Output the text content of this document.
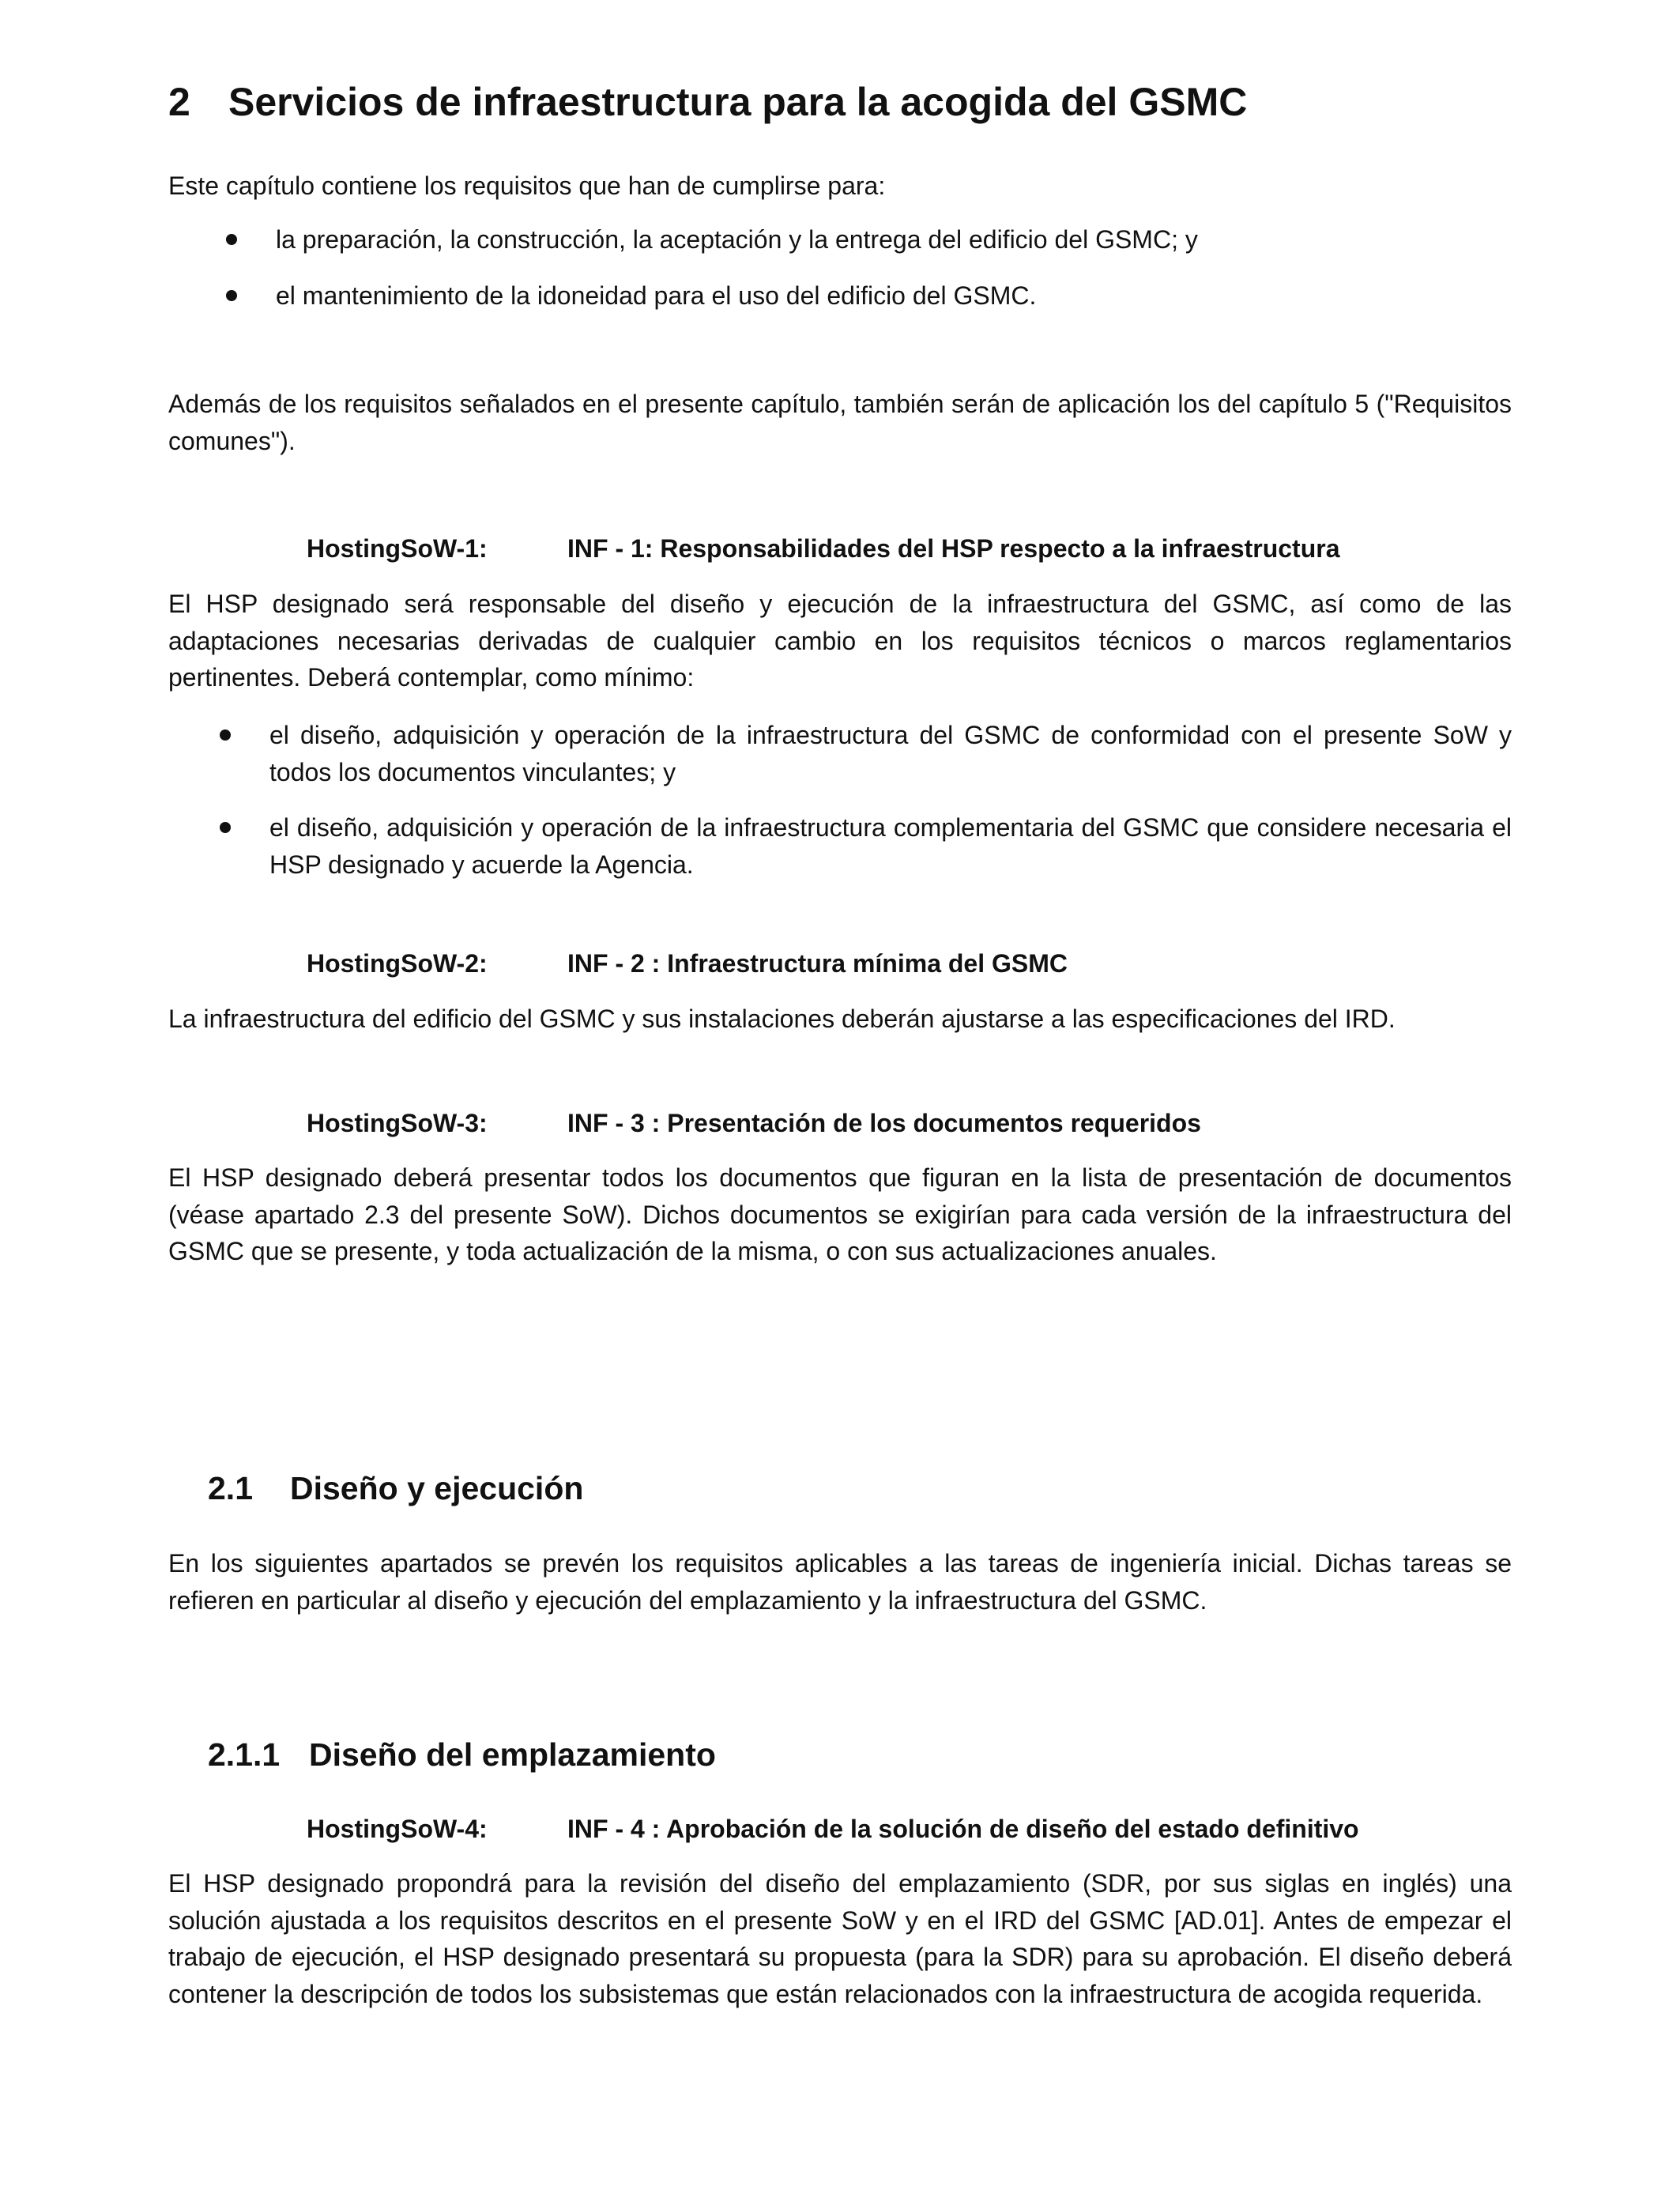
2 Servicios de infraestructura para la acogida del GSMC

Este capítulo contiene los requisitos que han de cumplirse para:

la preparación, la construcción, la aceptación y la entrega del edificio del GSMC; y
el mantenimiento de la idoneidad para el uso del edificio del GSMC.

Además de los requisitos señalados en el presente capítulo, también serán de aplicación los del capítulo 5 ("Requisitos comunes").

HostingSoW-1:	INF - 1: Responsabilidades del HSP respecto a la infraestructura

El HSP designado será responsable del diseño y ejecución de la infraestructura del GSMC, así como de las adaptaciones necesarias derivadas de cualquier cambio en los requisitos técnicos o marcos reglamentarios pertinentes. Deberá contemplar, como mínimo:

el diseño, adquisición y operación de la infraestructura del GSMC de conformidad con el presente SoW y todos los documentos vinculantes; y
el diseño, adquisición y operación de la infraestructura complementaria del GSMC que considere necesaria el HSP designado y acuerde la Agencia.

HostingSoW-2:	INF - 2 : Infraestructura mínima del GSMC

La infraestructura del edificio del GSMC y sus instalaciones deberán ajustarse a las especificaciones del IRD.

HostingSoW-3:	INF - 3 : Presentación de los documentos requeridos

El HSP designado deberá presentar todos los documentos que figuran en la lista de presentación de documentos (véase apartado 2.3 del presente SoW). Dichos documentos se exigirían para cada versión de la infraestructura del GSMC que se presente, y toda actualización de la misma, o con sus actualizaciones anuales.

2.1 Diseño y ejecución

En los siguientes apartados se prevén los requisitos aplicables a las tareas de ingeniería inicial. Dichas tareas se refieren en particular al diseño y ejecución del emplazamiento y la infraestructura del GSMC.

2.1.1 Diseño del emplazamiento

HostingSoW-4:	INF - 4 : Aprobación de la solución de diseño del estado definitivo

El HSP designado propondrá para la revisión del diseño del emplazamiento (SDR, por sus siglas en inglés) una solución ajustada a los requisitos descritos en el presente SoW y en el IRD del GSMC [AD.01]. Antes de empezar el trabajo de ejecución, el HSP designado presentará su propuesta (para la SDR) para su aprobación. El diseño deberá contener la descripción de todos los subsistemas que están relacionados con la infraestructura de acogida requerida.
